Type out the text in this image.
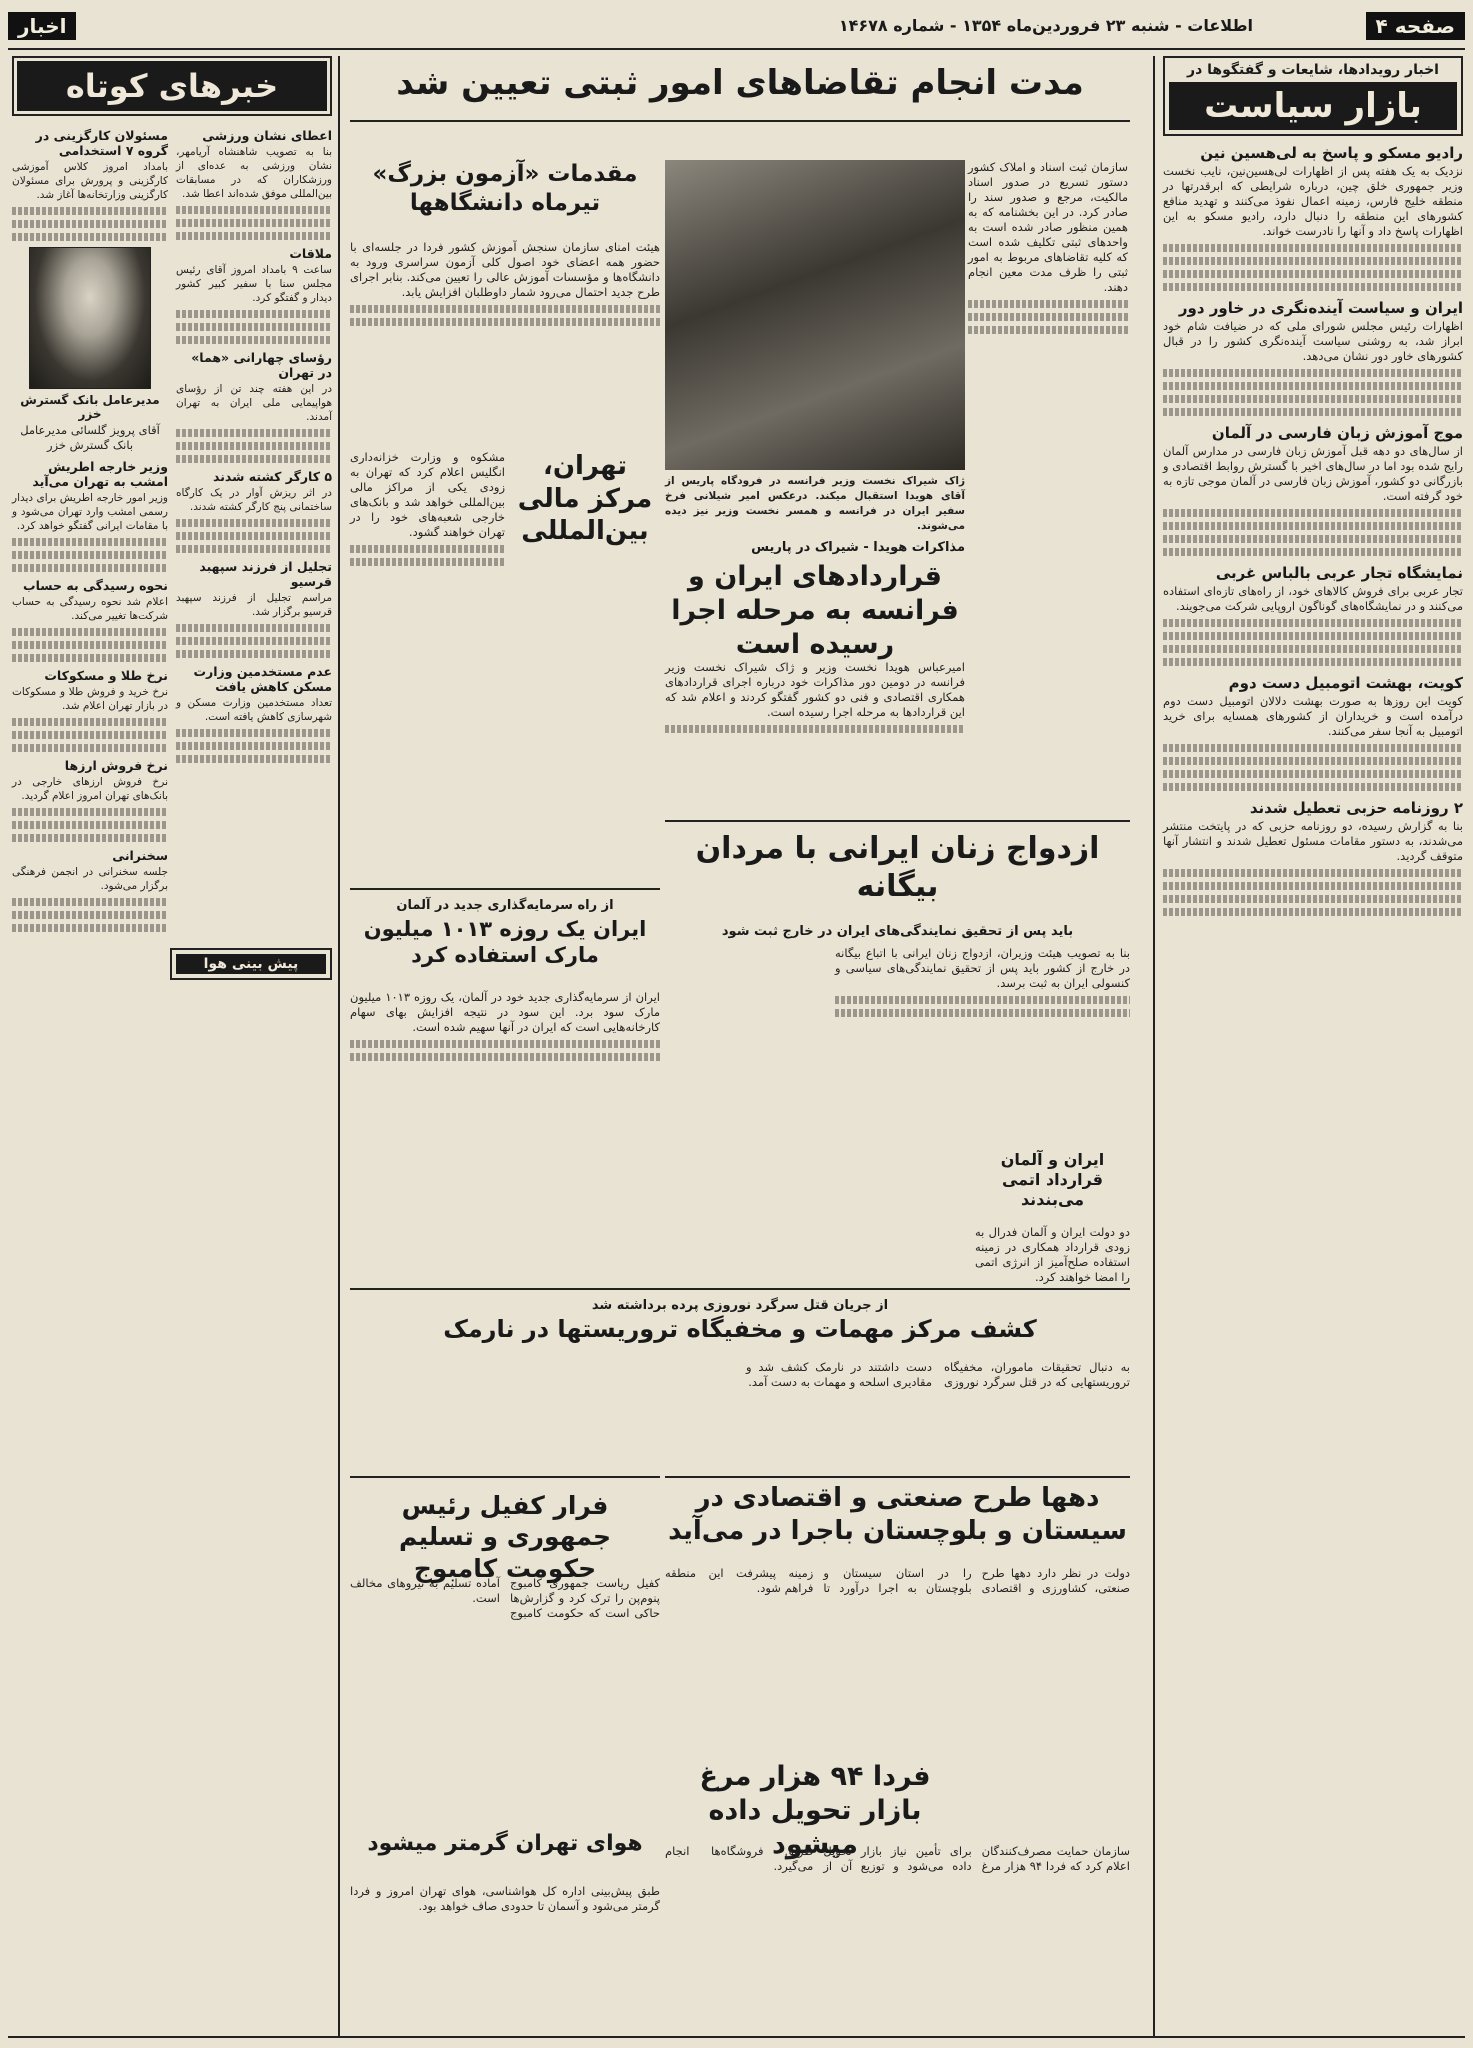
صفحه ۴
اطلاعات - شنبه ۲۳ فروردین‌ماه ۱۳۵۴ - شماره ۱۴۶۷۸
اخبار
اخبار رویدادها، شایعات و گفتگوها در
بازار سیاست
رادیو مسکو و پاسخ به لی‌هسین نین
نزدیک به یک هفته پس از اظهارات لی‌هسین‌نین، نایب نخست وزیر جمهوری خلق چین، درباره شرایطی که ابرقدرتها در منطقه خلیج فارس، زمینه اعمال نفوذ می‌کنند و تهدید منافع کشورهای این منطقه را دنبال دارد، رادیو مسکو به این اظهارات پاسخ داد و آنها را نادرست خواند.
ایران و سیاست آینده‌نگری در خاور دور
اظهارات رئیس مجلس شورای ملی که در ضیافت شام خود ابراز شد، به روشنی سیاست آینده‌نگری کشور را در قبال کشورهای خاور دور نشان می‌دهد.
موج آموزش زبان فارسی در آلمان
از سال‌های دو دهه قبل آموزش زبان فارسی در مدارس آلمان رایج شده بود اما در سال‌های اخیر با گسترش روابط اقتصادی و بازرگانی دو کشور، آموزش زبان فارسی در آلمان موجی تازه به خود گرفته است.
نمایشگاه تجار عربی بالباس غربی
تجار عربی برای فروش کالاهای خود، از راه‌های تازه‌ای استفاده می‌کنند و در نمایشگاه‌های گوناگون اروپایی شرکت می‌جویند.
کویت، بهشت اتومبیل دست دوم
کویت این روزها به صورت بهشت دلالان اتومبیل دست دوم درآمده است و خریداران از کشورهای همسایه برای خرید اتومبیل به آنجا سفر می‌کنند.
۲ روزنامه حزبی تعطیل شدند
بنا به گزارش رسیده، دو روزنامه حزبی که در پایتخت منتشر می‌شدند، به دستور مقامات مسئول تعطیل شدند و انتشار آنها متوقف گردید.
خبرهای کوتاه
اعطای نشان ورزشی
بنا به تصویب شاهنشاه آریامهر، نشان ورزشی به عده‌ای از ورزشکاران که در مسابقات بین‌المللی موفق شده‌اند اعطا شد.
ملاقات
ساعت ۹ بامداد امروز آقای رئیس مجلس سنا با سفیر کبیر کشور دیدار و گفتگو کرد.
رؤسای چهارانی «هما» در تهران
در این هفته چند تن از رؤسای هواپیمایی ملی ایران به تهران آمدند.
۵ کارگر کشته شدند
در اثر ریزش آوار در یک کارگاه ساختمانی پنج کارگر کشته شدند.
تجلیل از فرزند سپهبد قرسیو
مراسم تجلیل از فرزند سپهبد قرسیو برگزار شد.
عدم مستخدمین وزارت مسکن کاهش یافت
تعداد مستخدمین وزارت مسکن و شهرسازی کاهش یافته است.
مسئولان کارگزینی در گروه ۷ استخدامی
بامداد امروز کلاس آموزشی کارگزینی و پرورش برای مسئولان کارگزینی وزارتخانه‌ها آغاز شد.
مدیرعامل بانک گسترش خزر
آقای پرویز گلسائی مدیرعامل بانک گسترش خزر
وزیر خارجه اطریش امشب به تهران می‌آید
وزیر امور خارجه اطریش برای دیدار رسمی امشب وارد تهران می‌شود و با مقامات ایرانی گفتگو خواهد کرد.
نحوه رسیدگی به حساب
اعلام شد نحوه رسیدگی به حساب شرکت‌ها تغییر می‌کند.
نرخ طلا و مسکوکات
نرخ خرید و فروش طلا و مسکوکات در بازار تهران اعلام شد.
نرخ فروش ارزها
نرخ فروش ارزهای خارجی در بانک‌های تهران امروز اعلام گردید.
سخنرانی
جلسه سخنرانی در انجمن فرهنگی برگزار می‌شود.
پیش بینی هوا
مدت انجام تقاضاهای امور ثبتی تعیین شد

سازمان ثبت اسناد و املاک کشور دستور تسریع در صدور اسناد مالکیت، مرجع و صدور سند را صادر کرد. در این بخشنامه که به همین منظور صادر شده است به واحدهای ثبتی تکلیف شده است که کلیه تقاضاهای مربوط به امور ثبتی را ظرف مدت معین انجام دهند.

ژاک شیراک نخست وزیر فرانسه در فرودگاه پاریس از آقای هویدا استقبال میکند. درعکس امیر شیلانی فرخ سفیر ایران در فرانسه و همسر نخست وزیر نیز دیده می‌شوند.
مذاکرات هویدا - شیراک در پاریس
قراردادهای ایران و فرانسه به مرحله اجرا رسیده است

امیرعباس هویدا نخست وزیر و ژاک شیراک نخست وزیر فرانسه در دومین دور مذاکرات خود درباره اجرای قراردادهای همکاری اقتصادی و فنی دو کشور گفتگو کردند و اعلام شد که این قراردادها به مرحله اجرا رسیده است.

مقدمات «آزمون بزرگ» تیرماه دانشگاهها

هیئت امنای سازمان سنجش آموزش کشور فردا در جلسه‌ای با حضور همه اعضای خود اصول کلی آزمون سراسری ورود به دانشگاه‌ها و مؤسسات آموزش عالی را تعیین می‌کند. بنابر اجرای طرح جدید احتمال می‌رود شمار داوطلبان افزایش یابد.

تهران، مرکز مالی بین‌المللی

مشکوه و وزارت خزانه‌داری انگلیس اعلام کرد که تهران به زودی یکی از مراکز مالی بین‌المللی خواهد شد و بانک‌های خارجی شعبه‌های خود را در تهران خواهند گشود.

از راه سرمایه‌گذاری جدید در آلمان
ایران یک روزه ۱۰۱۳ میلیون مارک استفاده کرد

ایران از سرمایه‌گذاری جدید خود در آلمان، یک روزه ۱۰۱۳ میلیون مارک سود برد. این سود در نتیجه افزایش بهای سهام کارخانه‌هایی است که ایران در آنها سهیم شده است.

ازدواج زنان ایرانی با مردان بیگانه
باید پس از تحقیق نمایندگی‌های ایران در خارج ثبت شود

بنا به تصویب هیئت وزیران، ازدواج زنان ایرانی با اتباع بیگانه در خارج از کشور باید پس از تحقیق نمایندگی‌های سیاسی و کنسولی ایران به ثبت برسد.

ایران و آلمان قرارداد اتمی می‌بندند
دو دولت ایران و آلمان فدرال به زودی قرارداد همکاری در زمینه استفاده صلح‌آمیز از انرژی اتمی را امضا خواهند کرد.
از جریان قتل سرگرد نوروزی پرده برداشته شد
کشف مرکز مهمات و مخفیگاه تروریستها در نارمک

به دنبال تحقیقات ماموران، مخفیگاه تروریستهایی که در قتل سرگرد نوروزی دست داشتند در نارمک کشف شد و مقادیری اسلحه و مهمات به دست آمد.

دهها طرح صنعتی و اقتصادی در سیستان و بلوچستان باجرا در می‌آید

دولت در نظر دارد دهها طرح صنعتی، کشاورزی و اقتصادی را در استان سیستان و بلوچستان به اجرا درآورد تا زمینه پیشرفت این منطقه فراهم شود.

فردا ۹۴ هزار مرغ بازار تحویل داده میشود	سازمان حمایت مصرف‌کنندگان اعلام کرد که فردا ۹۴ هزار مرغ برای تأمین نیاز بازار تحویل داده می‌شود و توزیع آن از طریق فروشگاه‌ها انجام می‌گیرد.

فرار کفیل رئیس جمهوری و تسلیم حکومت کامبوج

کفیل ریاست جمهوری کامبوج پنوم‌پن را ترک کرد و گزارش‌ها حاکی است که حکومت کامبوج آماده تسلیم به نیروهای مخالف است.

هوای تهران گرمتر میشود

طبق پیش‌بینی اداره کل هواشناسی، هوای تهران امروز و فردا گرمتر می‌شود و آسمان تا حدودی صاف خواهد بود.
